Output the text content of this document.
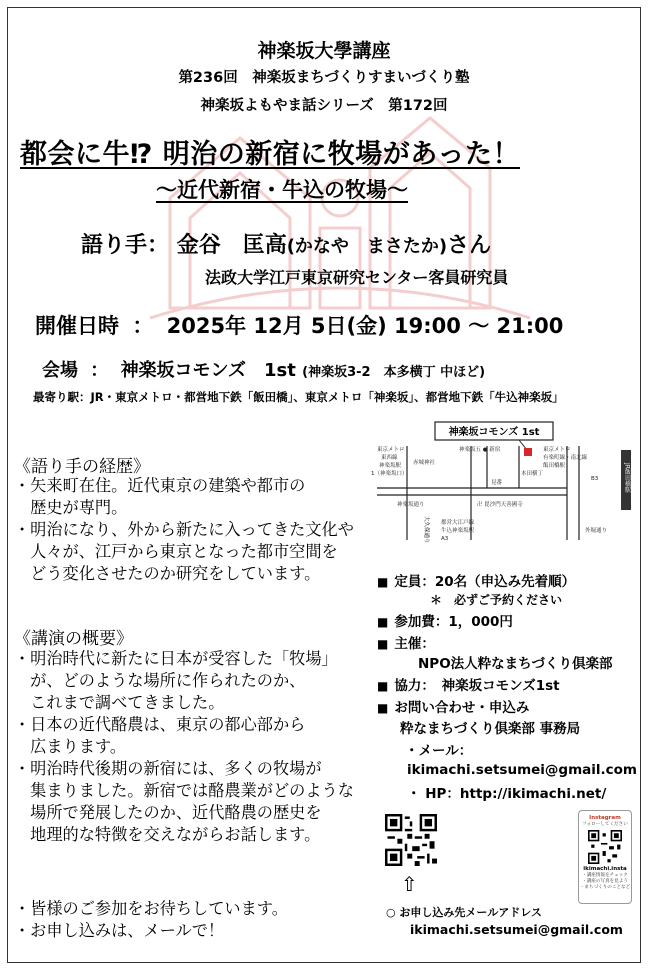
神楽坂大學講座
第236回　神楽坂まちづくりすまいづくり塾
神楽坂よもやま話シリーズ　第172回
都会に牛⁉ 明治の新宿に牧場があった！
～近代新宿・牛込の牧場～
語り手： 金谷　匡高(かなや　まさたか)さん
法政大学江戸東京研究センター客員研究員
開催日時 ： 2025年 12月 5日(金) 19:00 ～ 21:00
会場 ： 神楽坂コモンズ　1st (神楽坂3-2　本多横丁 中ほど)
最寄り駅：JR・東京メトロ・都営地下鉄「飯田橋」、東京メトロ「神楽坂」、都営地下鉄「牛込神楽坂」
《語り手の経歴》
・矢来町在住。近代東京の建築や都市の
　歴史が専門。
・明治になり、外から新たに入ってきた文化や
　人々が、江戸から東京となった都市空間を
　どう変化させたのか研究をしています。
《講演の概要》
・明治時代に新たに日本が受容した「牧場」
　が、どのような場所に作られたのか、
　これまで調べてきました。
・日本の近代酪農は、東京の都心部から
　広まります。
・明治時代後期の新宿には、多くの牧場が
　集まりました。新宿では酪農業がどのような
　場所で発展したのか、近代酪農の歴史を
　地理的な特徴を交えながらお話します。
・皆様のご参加をお待ちしています。
・お申し込みは、メールで！
神楽坂コモンズ 1st
JR飯田橋駅
東京メトロ
東西線
神楽坂駅
1（神楽坂口）
赤城神社
神楽坂五 ● 新宿
本田横丁
東京メトロ
有楽町線・南北線
飯田橋駅
B3
神楽坂通り
見番
卍 毘沙門天善國寺
都営大江戸線
牛込神楽坂駅
A3
外堀通り
大久保通り
■ 定員：20名（申込み先着順）
＊　必ずご予約ください
■ 参加費：1，000円
■ 主催：
NPO法人粋なまちづくり倶楽部
■ 協力：　神楽坂コモンズ1st
■ お問い合わせ・申込み
粋なまちづくり倶楽部 事務局
・メール：
ikimachi.setsumei@gmail.com
・ HP：http://ikimachi.net/
⇧
○ お申し込み先メールアドレス
ikimachi.setsumei@gmail.com
Instagram
フォローしてください
ikimachi.insta
・講座情報をチェック
・講座の写真を見よう
・まちづくりのことなど
